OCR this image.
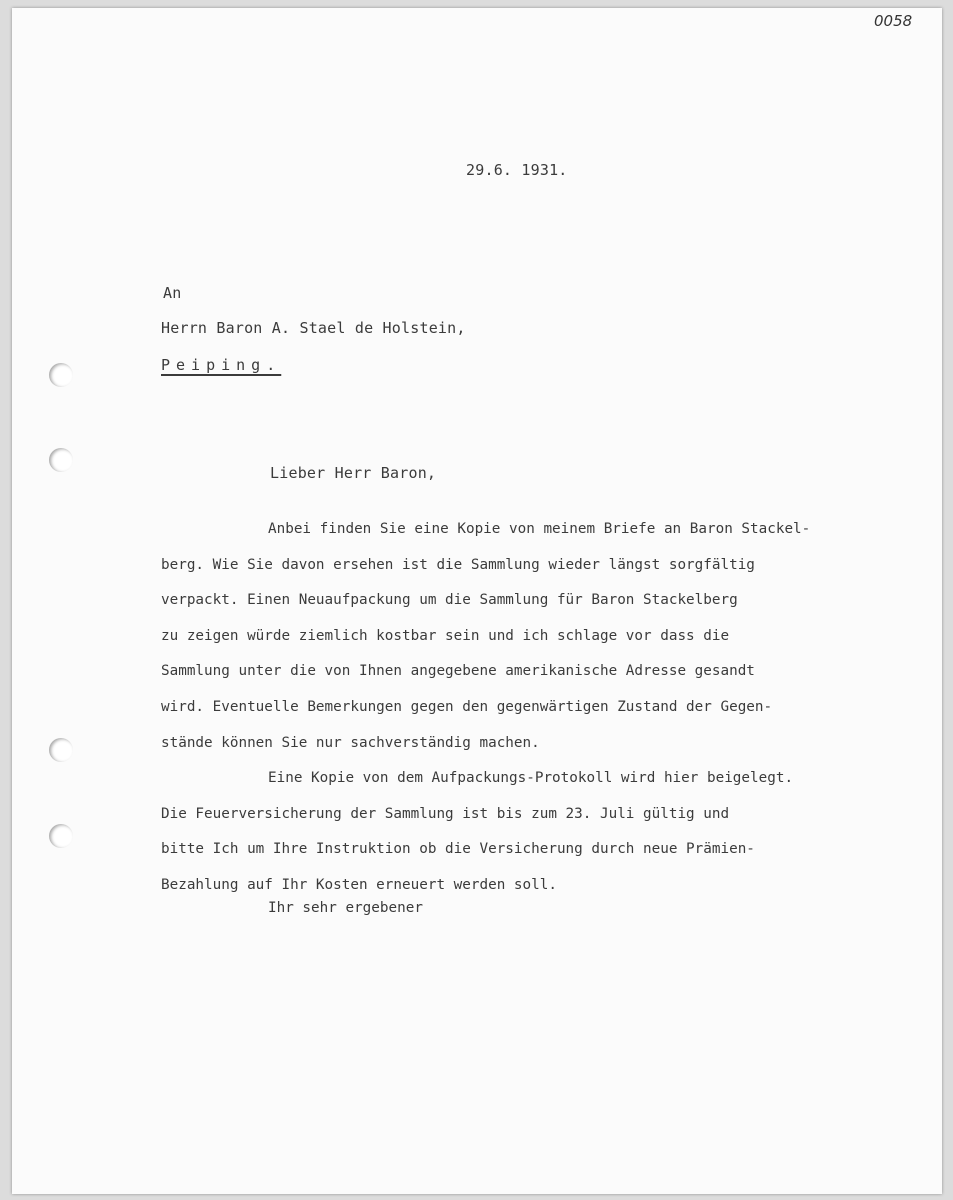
0058
29.6. 1931.
An
Herrn Baron A. Stael de Holstein,
Peiping.
Lieber Herr Baron,

Anbei finden Sie eine Kopie von meinem Briefe an Baron Stackel-
berg. Wie Sie davon ersehen ist die Sammlung wieder längst sorgfältig
verpackt. Einen Neuaufpackung um die Sammlung für Baron Stackelberg
zu zeigen würde ziemlich kostbar sein und ich schlage vor dass die
Sammlung unter die von Ihnen angegebene amerikanische Adresse gesandt
wird. Eventuelle Bemerkungen gegen den gegenwärtigen Zustand der Gegen-
stände können Sie nur sachverständig machen.

Eine Kopie von dem Aufpackungs-Protokoll wird hier beigelegt.
Die Feuerversicherung der Sammlung ist bis zum 23. Juli gültig und
bitte Ich um Ihre Instruktion ob die Versicherung durch neue Prämien-
Bezahlung auf Ihr Kosten erneuert werden soll.

Ihr sehr ergebener
